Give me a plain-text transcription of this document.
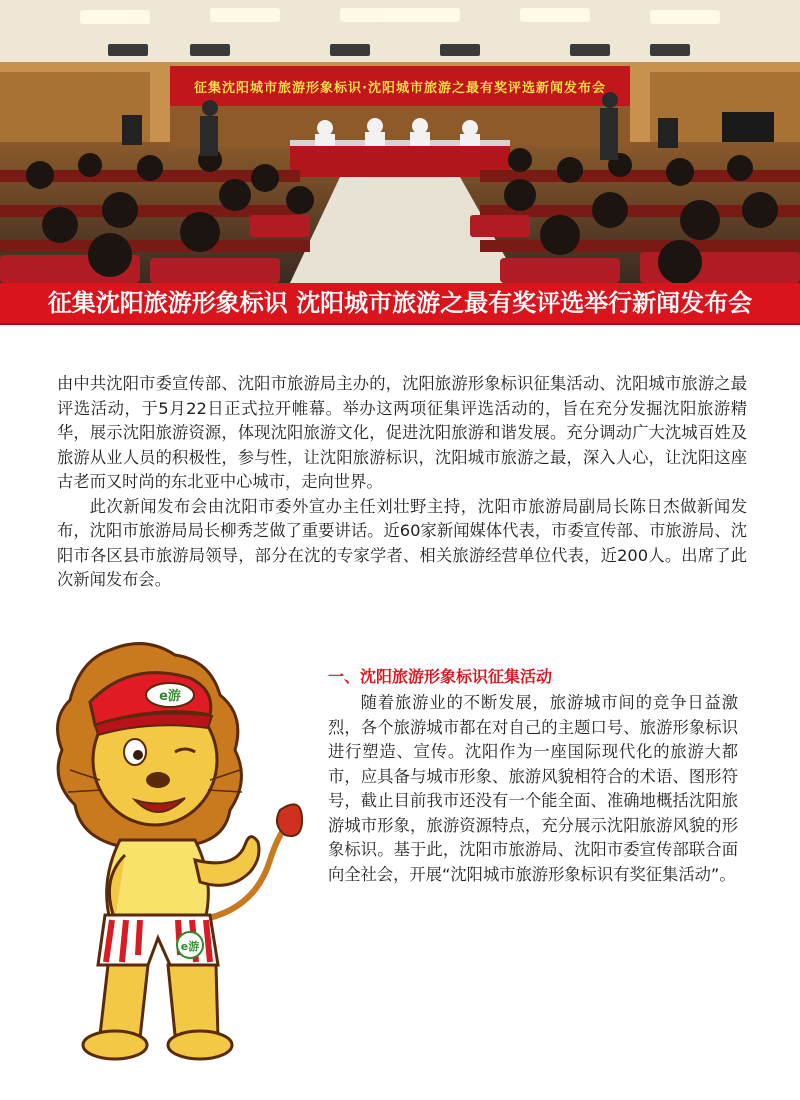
征集沈阳城市旅游形象标识·沈阳城市旅游之最有奖评选新闻发布会
征集沈阳旅游形象标识 沈阳城市旅游之最有奖评选举行新闻发布会

由中共沈阳市委宣传部、沈阳市旅游局主办的，沈阳旅游形象标识征集活动、沈阳城市旅游之最评选活动，于5月22日正式拉开帷幕。举办这两项征集评选活动的，旨在充分发掘沈阳旅游精华，展示沈阳旅游资源，体现沈阳旅游文化，促进沈阳旅游和谐发展。充分调动广大沈城百姓及旅游从业人员的积极性，参与性，让沈阳旅游标识，沈阳城市旅游之最，深入人心，让沈阳这座古老而又时尚的东北亚中心城市，走向世界。

此次新闻发布会由沈阳市委外宣办主任刘壮野主持，沈阳市旅游局副局长陈日杰做新闻发布，沈阳市旅游局局长柳秀芝做了重要讲话。近60家新闻媒体代表，市委宣传部、市旅游局、沈阳市各区县市旅游局领导，部分在沈的专家学者、相关旅游经营单位代表，近200人。出席了此次新闻发布会。

e游
e游
一、沈阳旅游形象标识征集活动

随着旅游业的不断发展，旅游城市间的竞争日益激烈，各个旅游城市都在对自己的主题口号、旅游形象标识进行塑造、宣传。沈阳作为一座国际现代化的旅游大都市，应具备与城市形象、旅游风貌相符合的术语、图形符号，截止目前我市还没有一个能全面、准确地概括沈阳旅游城市形象，旅游资源特点，充分展示沈阳旅游风貌的形象标识。基于此，沈阳市旅游局、沈阳市委宣传部联合面向全社会，开展“沈阳城市旅游形象标识有奖征集活动”。
